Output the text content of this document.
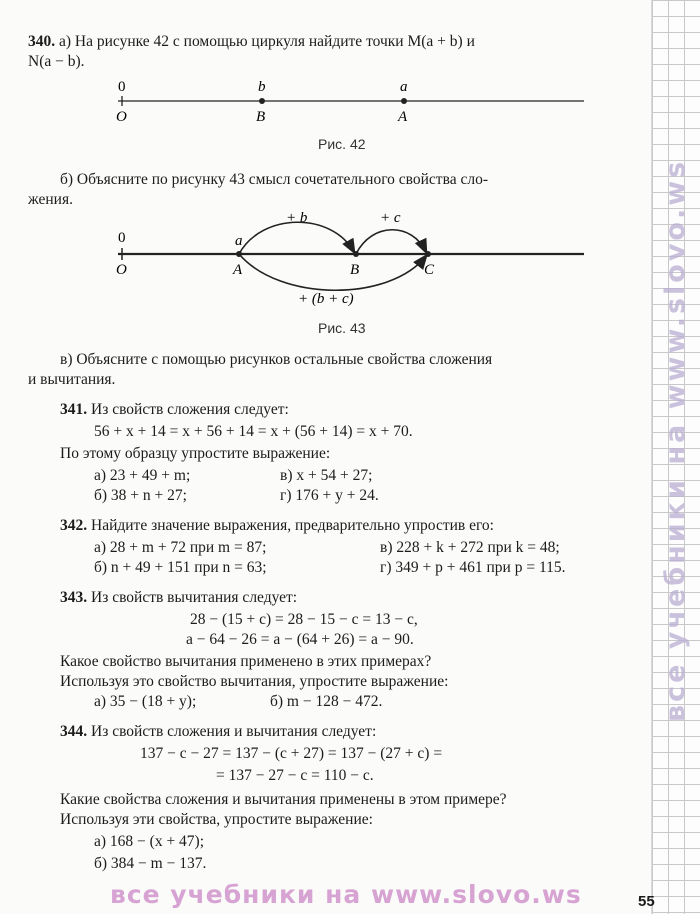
все учебники на www.slovo.ws
340. а) На рисунке 42 с помощью циркуля найдите точки M(a + b) и
N(a − b).
0	b	a
O	B	A
Рис. 42
б) Объясните по рисунку 43 смысл сочетательного свойства сло-
жения.
+ b	+ c
+ (b + c)
0	a
O	A	B	C
Рис. 43
в) Объясните с помощью рисунков остальные свойства сложения
и вычитания.
341. Из свойств сложения следует:
56 + x + 14 = x + 56 + 14 = x + (56 + 14) = x + 70.
По этому образцу упростите выражение:
а) 23 + 49 + m;	в) x + 54 + 27;
б) 38 + n + 27;	г) 176 + y + 24.
342. Найдите значение выражения, предварительно упростив его:
а) 28 + m + 72 при m = 87;	в) 228 + k + 272 при k = 48;
б) n + 49 + 151 при n = 63;	г) 349 + p + 461 при p = 115.
343. Из свойств вычитания следует:
28 − (15 + c) = 28 − 15 − c = 13 − c,
a − 64 − 26 = a − (64 + 26) = a − 90.
Какое свойство вычитания применено в этих примерах?
Используя это свойство вычитания, упростите выражение:
а) 35 − (18 + y);	б) m − 128 − 472.
344. Из свойств сложения и вычитания следует:
137 − c − 27 = 137 − (c + 27) = 137 − (27 + c) =
= 137 − 27 − c = 110 − c.
Какие свойства сложения и вычитания применены в этом примере?
Используя эти свойства, упростите выражение:
а) 168 − (x + 47);
б) 384 − m − 137.
все учебники на www.slovo.ws	55
